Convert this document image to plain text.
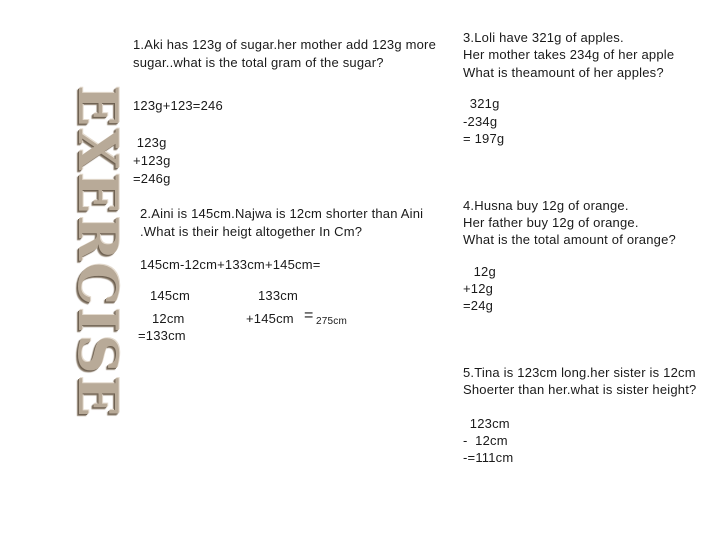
EXERCISE
1.Aki has 123g of sugar.her mother add 123g more
sugar..what is the total gram of the sugar?
123g+123=246
123g
+123g
=246g
2.Aini is 145cm.Najwa is 12cm shorter than Aini
.What is their heigt altogether In Cm?
145cm-12cm+133cm+145cm=
145cm
12cm
=133cm
133cm
+145cm = 275cm
3.Loli have 321g of apples.
Her mother takes 234g of her apple
What is theamount of her apples?
321g
-234g
= 197g
4.Husna buy 12g of orange.
Her father buy 12g of orange.
What is the total amount of orange?
12g
+12g
=24g
5.Tina is 123cm long.her sister is 12cm
Shoerter than her.what is sister height?
123cm
-  12cm
-=111cm
